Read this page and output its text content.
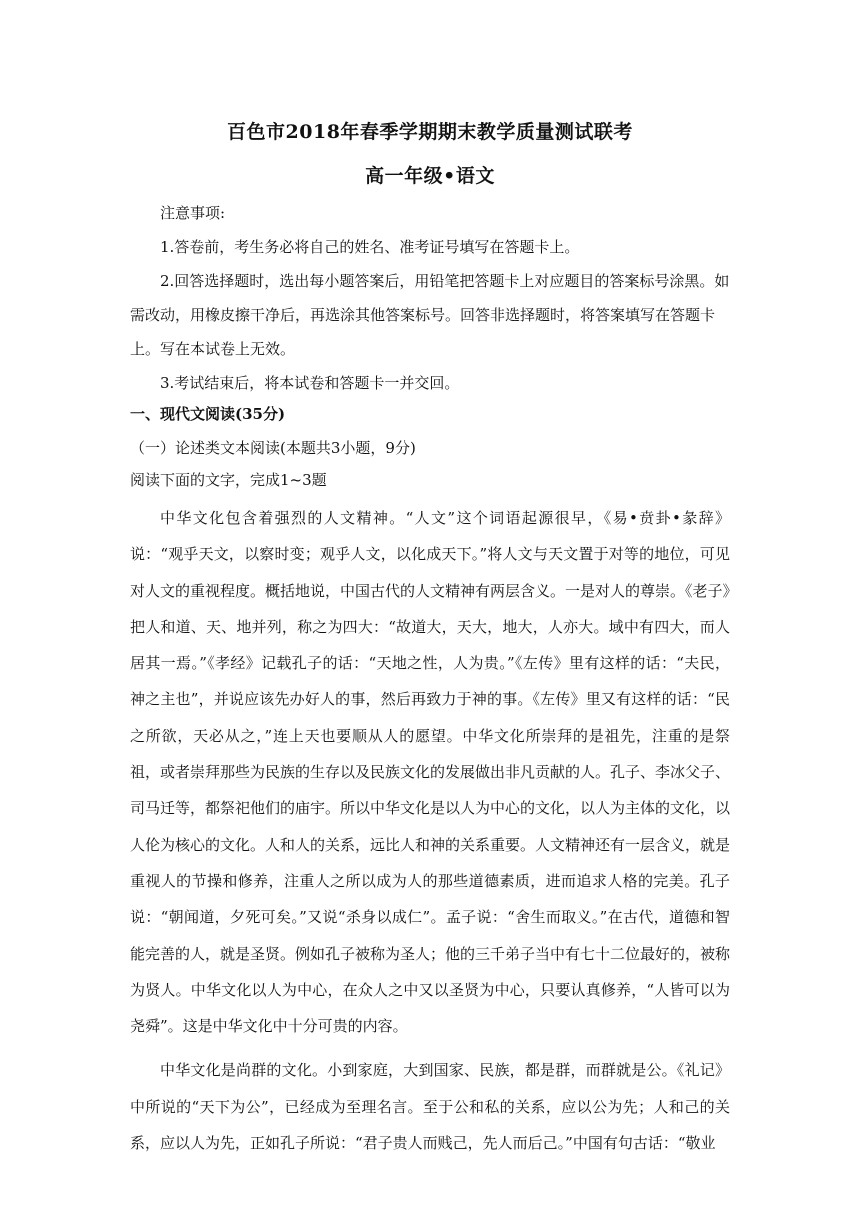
百色市2018年春季学期期末教学质量测试联考
高一年级•语文

注意事项:

1.答卷前，考生务必将自己的姓名、准考证号填写在答题卡上。

2.回答选择题时，选出每小题答案后，用铅笔把答题卡上对应题目的答案标号涂黑。如需改动，用橡皮擦干净后，再选涂其他答案标号。回答非选择题时，将答案填写在答题卡上。写在本试卷上无效。

3.考试结束后，将本试卷和答题卡一并交回。

一、现代文阅读(35分)
（一）论述类文本阅读(本题共3小题，9分)
阅读下面的文字，完成1~3题

中华文化包含着强烈的人文精神。“人文”这个词语起源很早，《易•贲卦•彖辞》说：“观乎天文，以察时变；观乎人文，以化成天下。”将人文与天文置于对等的地位，可见对人文的重视程度。概括地说，中国古代的人文精神有两层含义。一是对人的尊崇。《老子》把人和道、天、地并列，称之为四大：“故道大，天大，地大，人亦大。域中有四大，而人居其一焉。”《孝经》记载孔子的话：“天地之性，人为贵。”《左传》里有这样的话：“夫民，神之主也”，并说应该先办好人的事，然后再致力于神的事。《左传》里又有这样的话：“民之所欲，天必从之，”连上天也要顺从人的愿望。中华文化所崇拜的是祖先，注重的是祭祖，或者崇拜那些为民族的生存以及民族文化的发展做出非凡贡献的人。孔子、李冰父子、司马迁等，都祭祀他们的庙宇。所以中华文化是以人为中心的文化，以人为主体的文化，以人伦为核心的文化。人和人的关系，远比人和神的关系重要。人文精神还有一层含义，就是重视人的节操和修养，注重人之所以成为人的那些道德素质，进而追求人格的完美。孔子说：“朝闻道，夕死可矣。”又说“杀身以成仁”。孟子说：“舍生而取义。”在古代，道德和智能完善的人，就是圣贤。例如孔子被称为圣人；他的三千弟子当中有七十二位最好的，被称为贤人。中华文化以人为中心，在众人之中又以圣贤为中心，只要认真修养，“人皆可以为尧舜”。这是中华文化中十分可贵的内容。

中华文化是尚群的文化。小到家庭，大到国家、民族，都是群，而群就是公。《礼记》中所说的“天下为公”，已经成为至理名言。至于公和私的关系，应以公为先；人和己的关系，应以人为先，正如孔子所说：“君子贵人而贱己，先人而后己。”中国有句古话：“敬业
